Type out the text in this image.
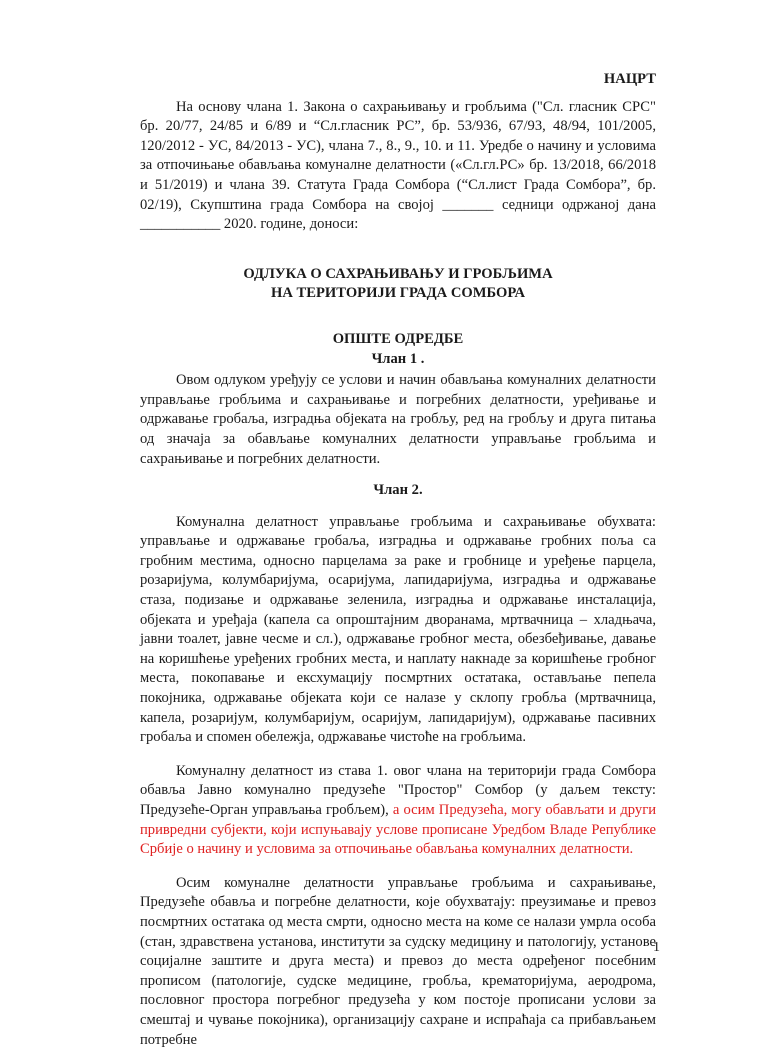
НАЦРТ

На основу члана 1. Закона о сахрањивању и гробљима ("Сл. гласник СРС" бр. 20/77, 24/85 и 6/89 и “Сл.гласник РС”, бр. 53/936, 67/93, 48/94, 101/2005, 120/2012 - УС, 84/2013 - УС), члана 7., 8., 9., 10. и 11. Уредбе о начину и условима за отпочињање обављања комуналне делатности («Сл.гл.РС» бр. 13/2018, 66/2018 и 51/2019) и члана 39. Статута Града Сомбора (“Сл.лист Града Сомбора”, бр. 02/19), Скупштина града Сомбора на својој _______ седници одржаној дана ___________ 2020. године, доноси:

ОДЛУКА О САХРАЊИВАЊУ И ГРОБЉИМА

НА ТЕРИТОРИЈИ ГРАДА СОМБОРА

ОПШТЕ ОДРЕДБЕ

Члан 1 .

Овом одлуком уређују се услови и начин обављања комуналних делатности управљање гробљима и сахрањивање и погребних делатности, уређивање и одржавање гробаља, изградња објеката на гробљу, ред на гробљу и друга питања од значаја за обављање комуналних делатности управљање гробљима и сахрањивање и погребних делатности.

Члан 2.

Комунална делатност управљање гробљима и сахрањивање обухвата: управљање и одржавање гробаља, изградња и одржавање гробних поља са гробним местима, односно парцелама за раке и гробнице и уређење парцела, розаријума, колумбаријума, осаријума, лапидаријума, изградња и одржавање стаза, подизање и одржавање зеленила, изградња и одржавање инсталација, објеката и уређаја (капела са опроштајним дворанама, мртвачница – хладњача, јавни тоалет, јавне чесме и сл.), одржавање гробног места, обезбеђивање, давање на коришћење уређених гробних места, и наплату накнаде за коришћење гробног места, покопавање и ексхумацију посмртних остатака, остављање пепела покојника, одржавање објеката који се налазе у склопу гробља (мртвачница, капела, розаријум, колумбаријум, осаријум, лапидаријум), одржавање пасивних гробаља и спомен обележја, одржавање чистоће на гробљима.

Комуналну делатност из става 1. овог члана на територији града Сомбора обавља Јавно комунално предузеће "Простор" Сомбор (у даљем тексту: Предузеће-Орган управљања гробљем), а осим Предузећа, могу обављати и други привредни субјекти, који испуњавају услове прописане Уредбом Владе Републике Србије о начину и условима за отпочињање обављања комуналних делатности.

Осим комуналне делатности управљање гробљима и сахрањивање, Предузеће обавља и погребне делатности, које обухватају: преузимање и превоз посмртних остатака од места смрти, односно места на коме се налази умрла особа (стан, здравствена установа, институти за судску медицину и патологију, установе социјалне заштите и друга места) и превоз до места одређеног посебним прописом (патологије, судске медицине, гробља, крематоријума, аеродрома, пословног простора погребног предузећа у ком постоје прописани услови за смештај и чување покојника), организацију сахране и испраћаја са прибављањем потребне

1
